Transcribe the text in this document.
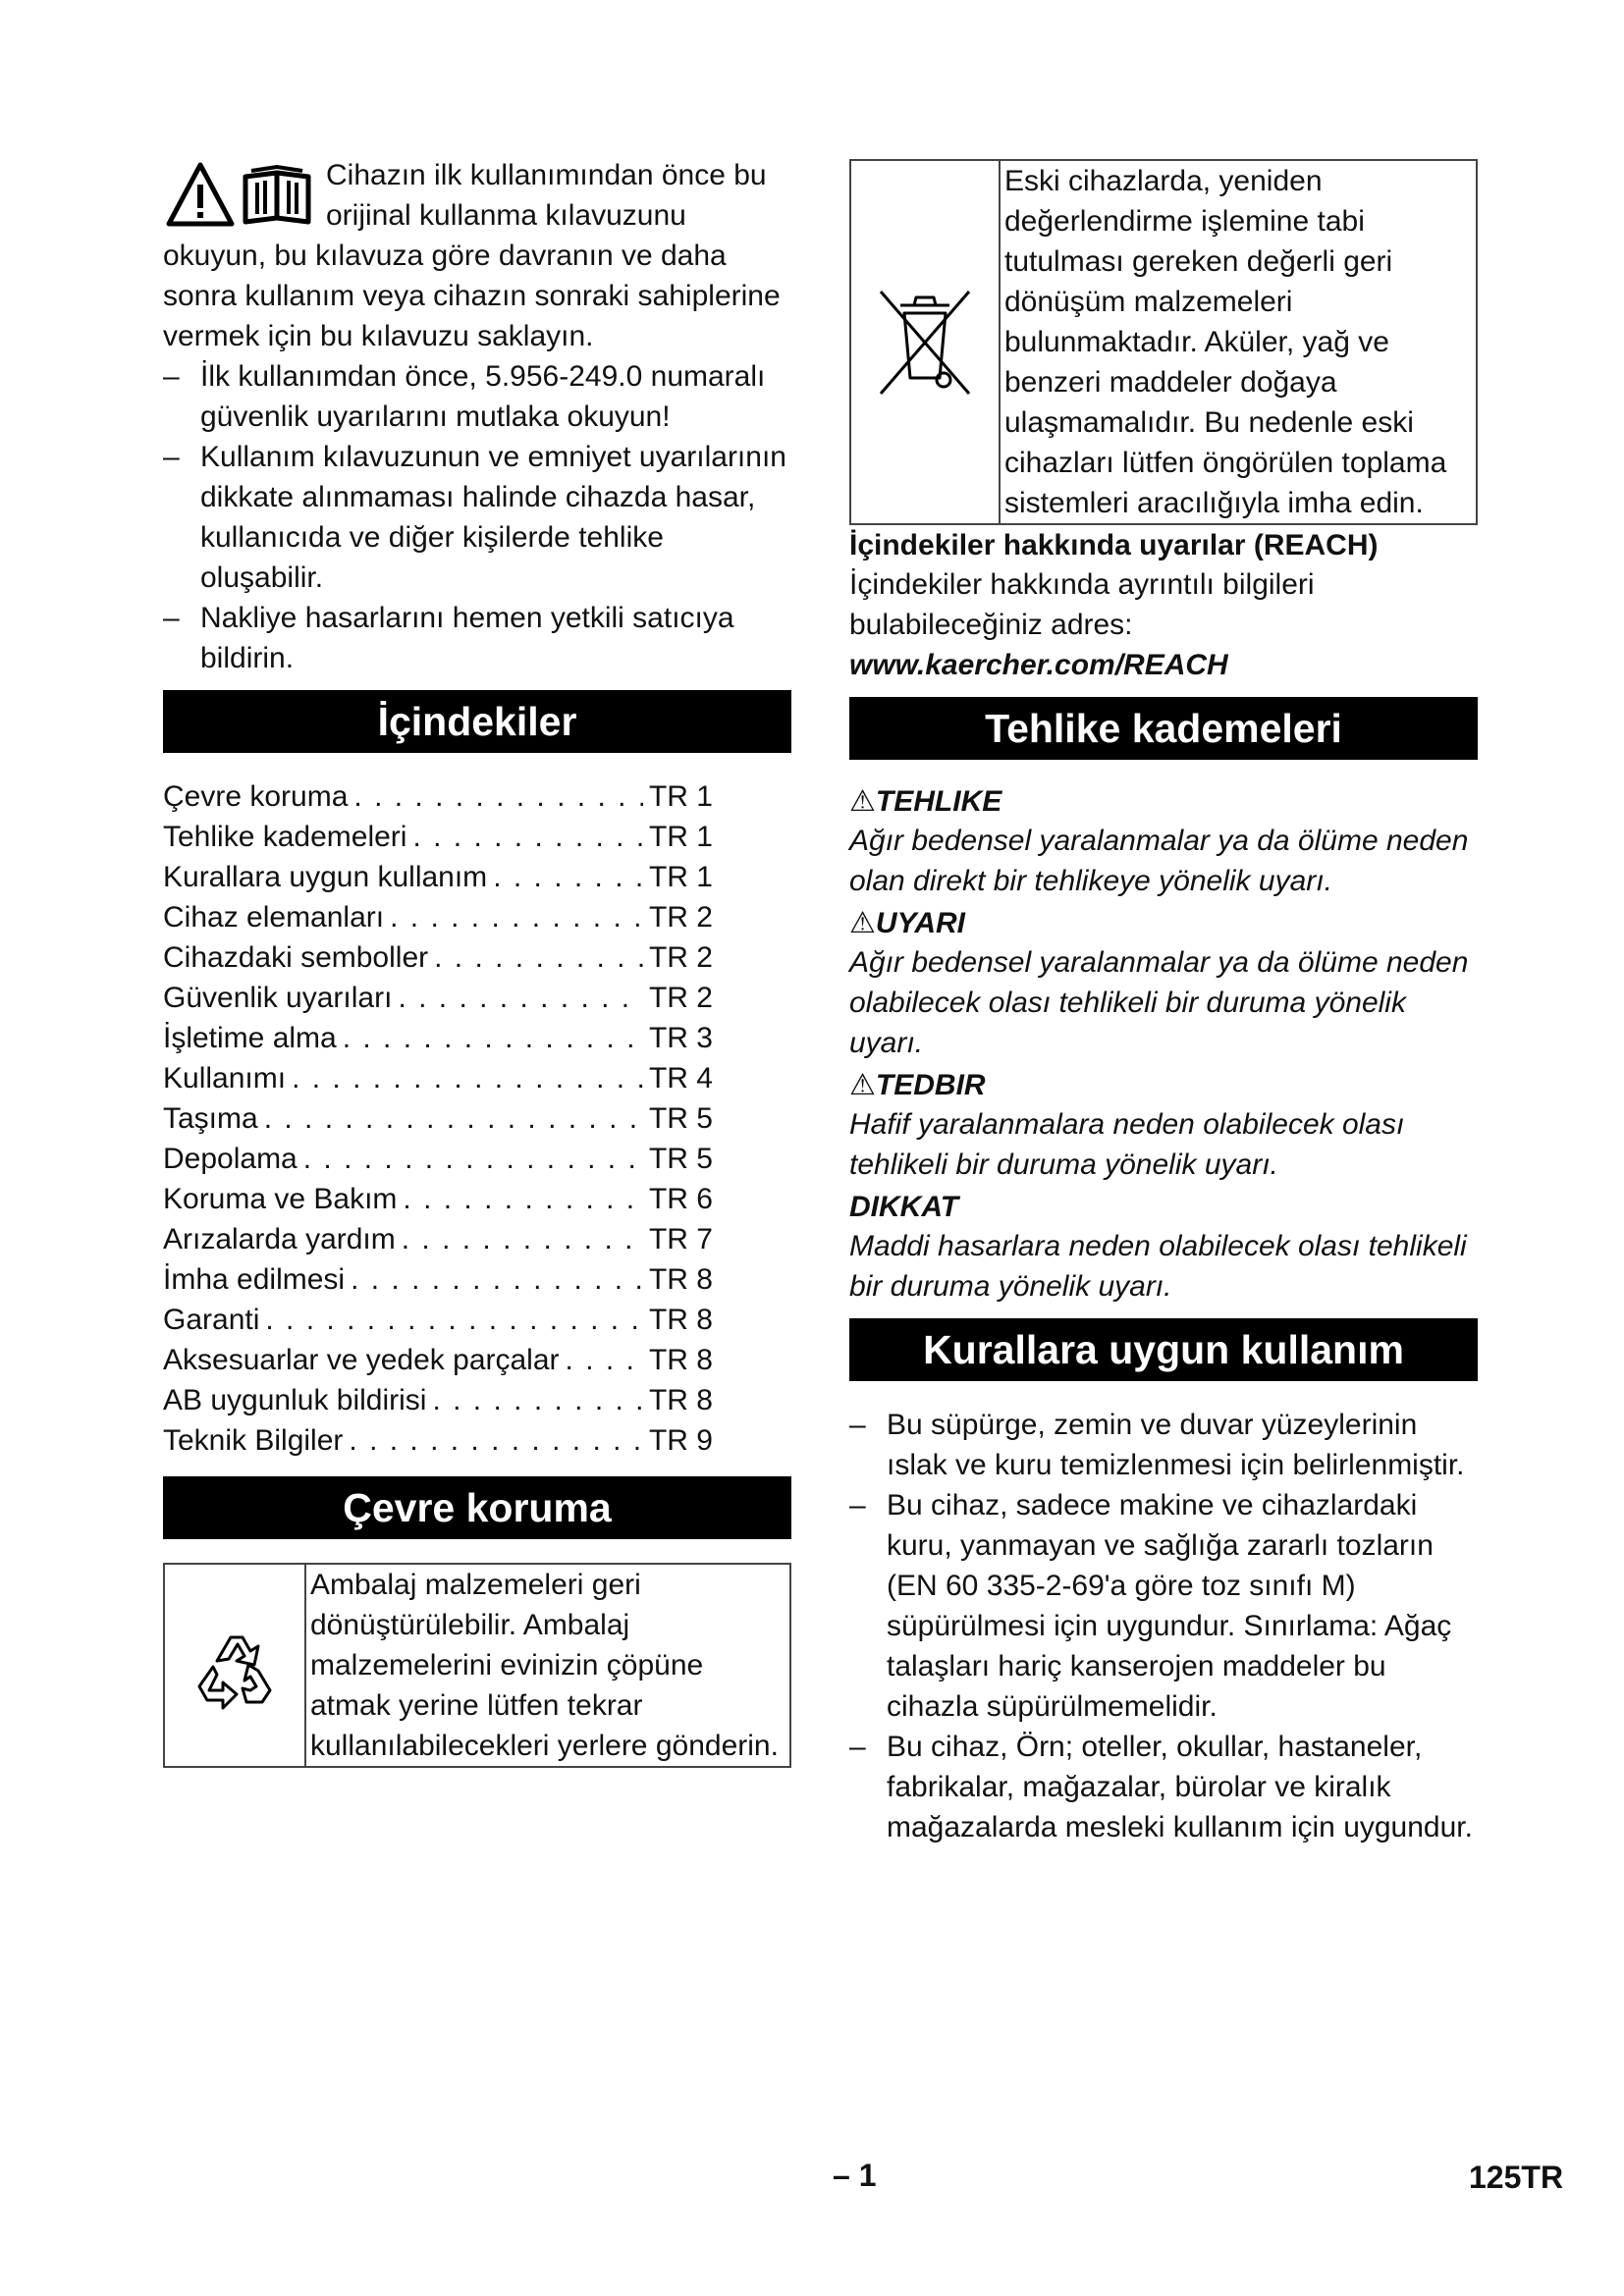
Cihazın ilk kullanımından önce bu orijinal kullanma kılavuzunu okuyun, bu kılavuza göre davranın ve daha sonra kullanım veya cihazın sonraki sahiplerine vermek için bu kılavuzu saklayın.

– İlk kullanımdan önce, 5.956-249.0 numaralı güvenlik uyarılarını mutlaka okuyun!
– Kullanım kılavuzunun ve emniyet uyarılarının dikkate alınmaması halinde cihazda hasar, kullanıcıda ve diğer kişilerde tehlike oluşabilir.
– Nakliye hasarlarını hemen yetkili satıcıya bildirin.
İçindekiler
Çevre koruma . . .	TR 1
Tehlike kademeleri . . .	TR 1
Kurallara uygun kullanım . . .	TR 1
Cihaz elemanları . . .	TR 2
Cihazdaki semboller . . .	TR 2
Güvenlik uyarıları . . .	TR 2
İşletime alma . . .	TR 3
Kullanımı . . .	TR 4
Taşıma . . .	TR 5
Depolama . . .	TR 5
Koruma ve Bakım . . .	TR 6
Arızalarda yardım . . .	TR 7
İmha edilmesi . . .	TR 8
Garanti . . .	TR 8
Aksesuarlar ve yedek parçalar . . .	TR 8
AB uygunluk bildirisi . . .	TR 8
Teknik Bilgiler . . .	TR 9
Çevre koruma
Ambalaj malzemeleri geri dönüştürülebilir. Ambalaj malzemelerini evinizin çöpüne atmak yerine lütfen tekrar kullanılabilecekleri yerlere gönderin.
Eski cihazlarda, yeniden değerlendirme işlemine tabi tutulması gereken değerli geri dönüşüm malzemeleri bulunmaktadır. Aküler, yağ ve benzeri maddeler doğaya ulaşmamalıdır. Bu nedenle eski cihazları lütfen öngörülen toplama sistemleri aracılığıyla imha edin.

İçindekiler hakkında uyarılar (REACH)

İçindekiler hakkında ayrıntılı bilgileri bulabileceğiniz adres:

www.kaercher.com/REACH

Tehlike kademeleri

⚠TEHLIKE

Ağır bedensel yaralanmalar ya da ölüme neden olan direkt bir tehlikeye yönelik uyarı.

⚠UYARI

Ağır bedensel yaralanmalar ya da ölüme neden olabilecek olası tehlikeli bir duruma yönelik uyarı.

⚠TEDBIR

Hafif yaralanmalara neden olabilecek olası tehlikeli bir duruma yönelik uyarı.

DIKKAT

Maddi hasarlara neden olabilecek olası tehlikeli bir duruma yönelik uyarı.

Kurallara uygun kullanım
– Bu süpürge, zemin ve duvar yüzeylerinin ıslak ve kuru temizlenmesi için belirlenmiştir.
– Bu cihaz, sadece makine ve cihazlardaki kuru, yanmayan ve sağlığa zararlı tozların (EN 60 335-2-69'a göre toz sınıfı M) süpürülmesi için uygundur. Sınırlama: Ağaç talaşları hariç kanserojen maddeler bu cihazla süpürülmemelidir.
– Bu cihaz, Örn; oteller, okullar, hastaneler, fabrikalar, mağazalar, bürolar ve kiralık mağazalarda mesleki kullanım için uygundur.
– 1	125TR
